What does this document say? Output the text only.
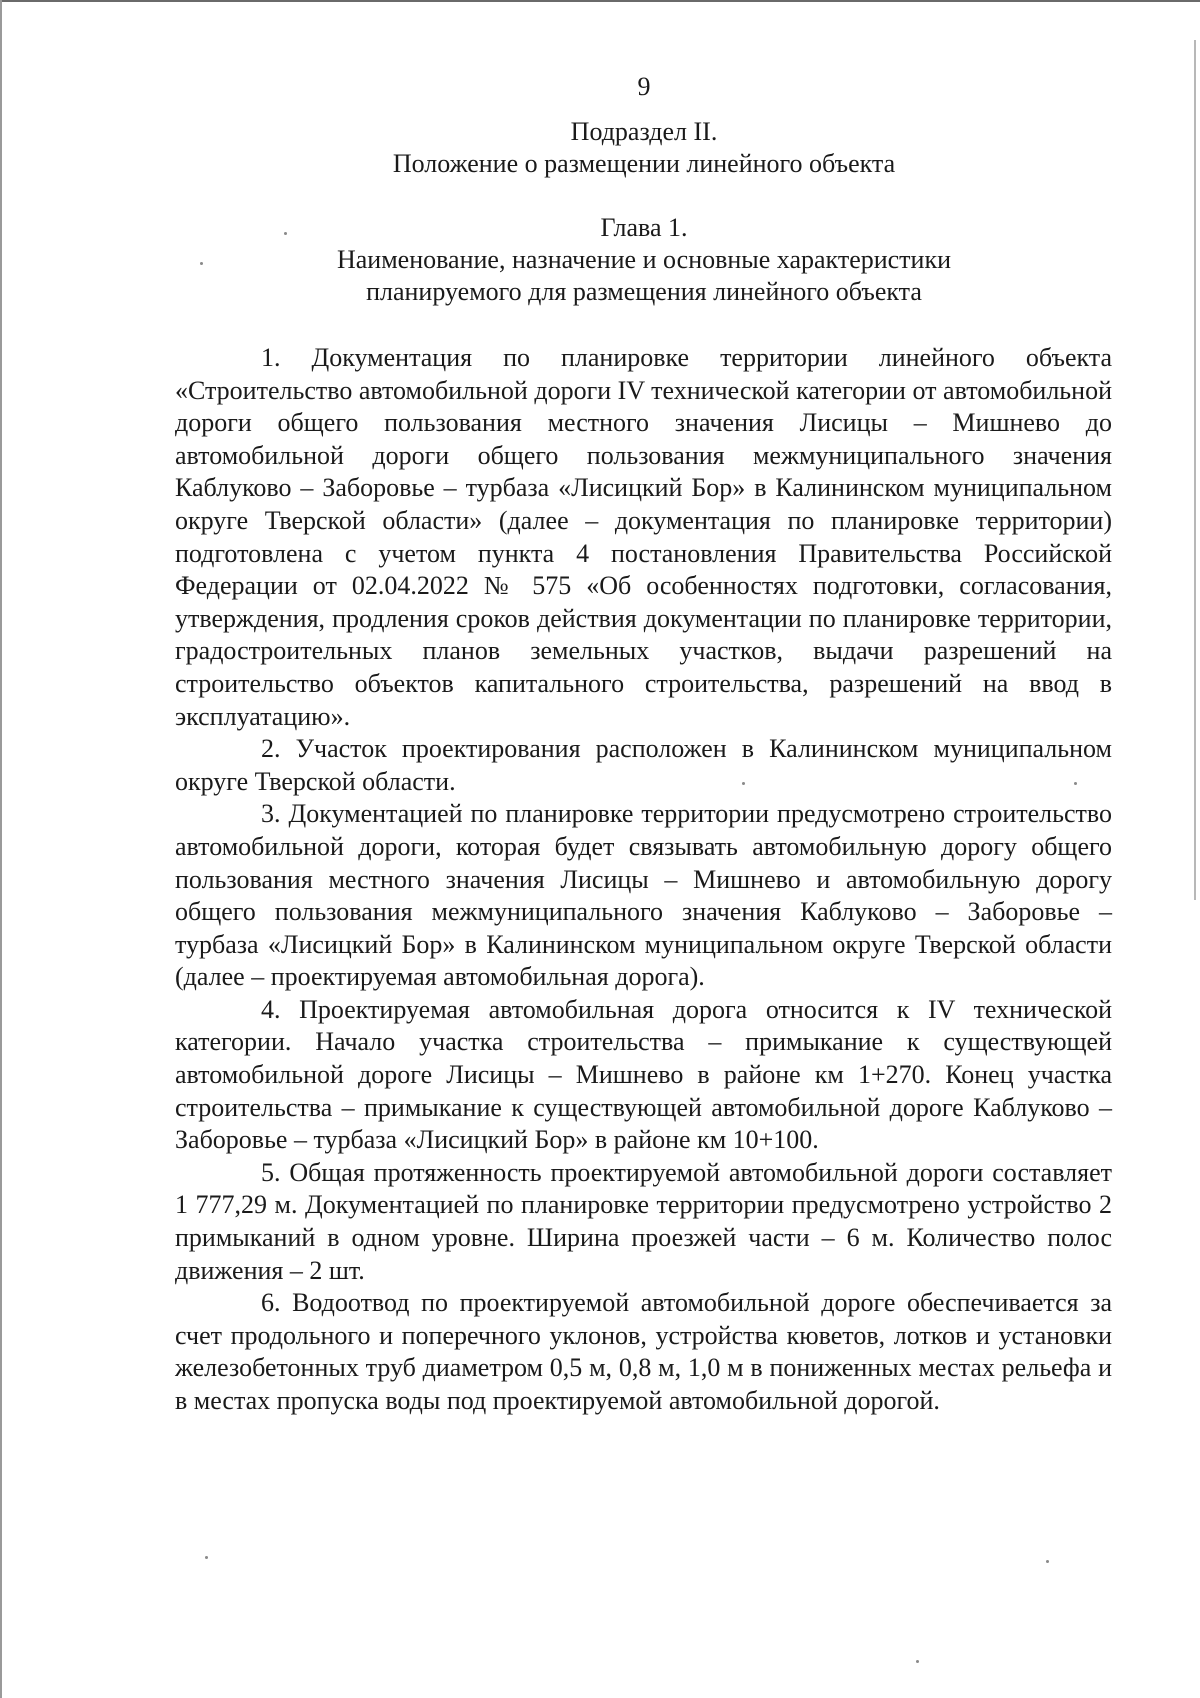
9
Подраздел II.
Положение о размещении линейного объекта
Глава 1.
Наименование, назначение и основные характеристики
планируемого для размещения линейного объекта

1. Документация по планировке территории линейного объекта «Строительство автомобильной дороги IV технической категории от автомобильной дороги общего пользования местного значения Лисицы – Мишнево до автомобильной дороги общего пользования межмуниципального значения Каблуково – Заборовье – турбаза «Лисицкий Бор» в Калининском муниципальном округе Тверской области» (далее – документация по планировке территории) подготовлена с учетом пункта 4 постановления Правительства Российской Федерации от 02.04.2022 № 575 «Об особенностях подготовки, согласования, утверждения, продления сроков действия документации по планировке территории, градостроительных планов земельных участков, выдачи разрешений на строительство объектов капитального строительства, разрешений на ввод в эксплуатацию».

2. Участок проектирования расположен в Калининском муниципальном округе Тверской области.

3. Документацией по планировке территории предусмотрено строительство автомобильной дороги, которая будет связывать автомобильную дорогу общего пользования местного значения Лисицы – Мишнево и автомобильную дорогу общего пользования межмуниципального значения Каблуково – Заборовье – турбаза «Лисицкий Бор» в Калининском муниципальном округе Тверской области (далее – проектируемая автомобильная дорога).

4. Проектируемая автомобильная дорога относится к IV технической категории. Начало участка строительства – примыкание к существующей автомобильной дороге Лисицы – Мишнево в районе км 1+270. Конец участка строительства – примыкание к существующей автомобильной дороге Каблуково – Заборовье – турбаза «Лисицкий Бор» в районе км 10+100.

5. Общая протяженность проектируемой автомобильной дороги составляет 1 777,29 м. Документацией по планировке территории предусмотрено устройство 2 примыканий в одном уровне. Ширина проезжей части – 6 м. Количество полос движения – 2 шт.

6. Водоотвод по проектируемой автомобильной дороге обеспечивается за счет продольного и поперечного уклонов, устройства кюветов, лотков и установки железобетонных труб диаметром 0,5 м, 0,8 м, 1,0 м в пониженных местах рельефа и в местах пропуска воды под проектируемой автомобильной дорогой.
